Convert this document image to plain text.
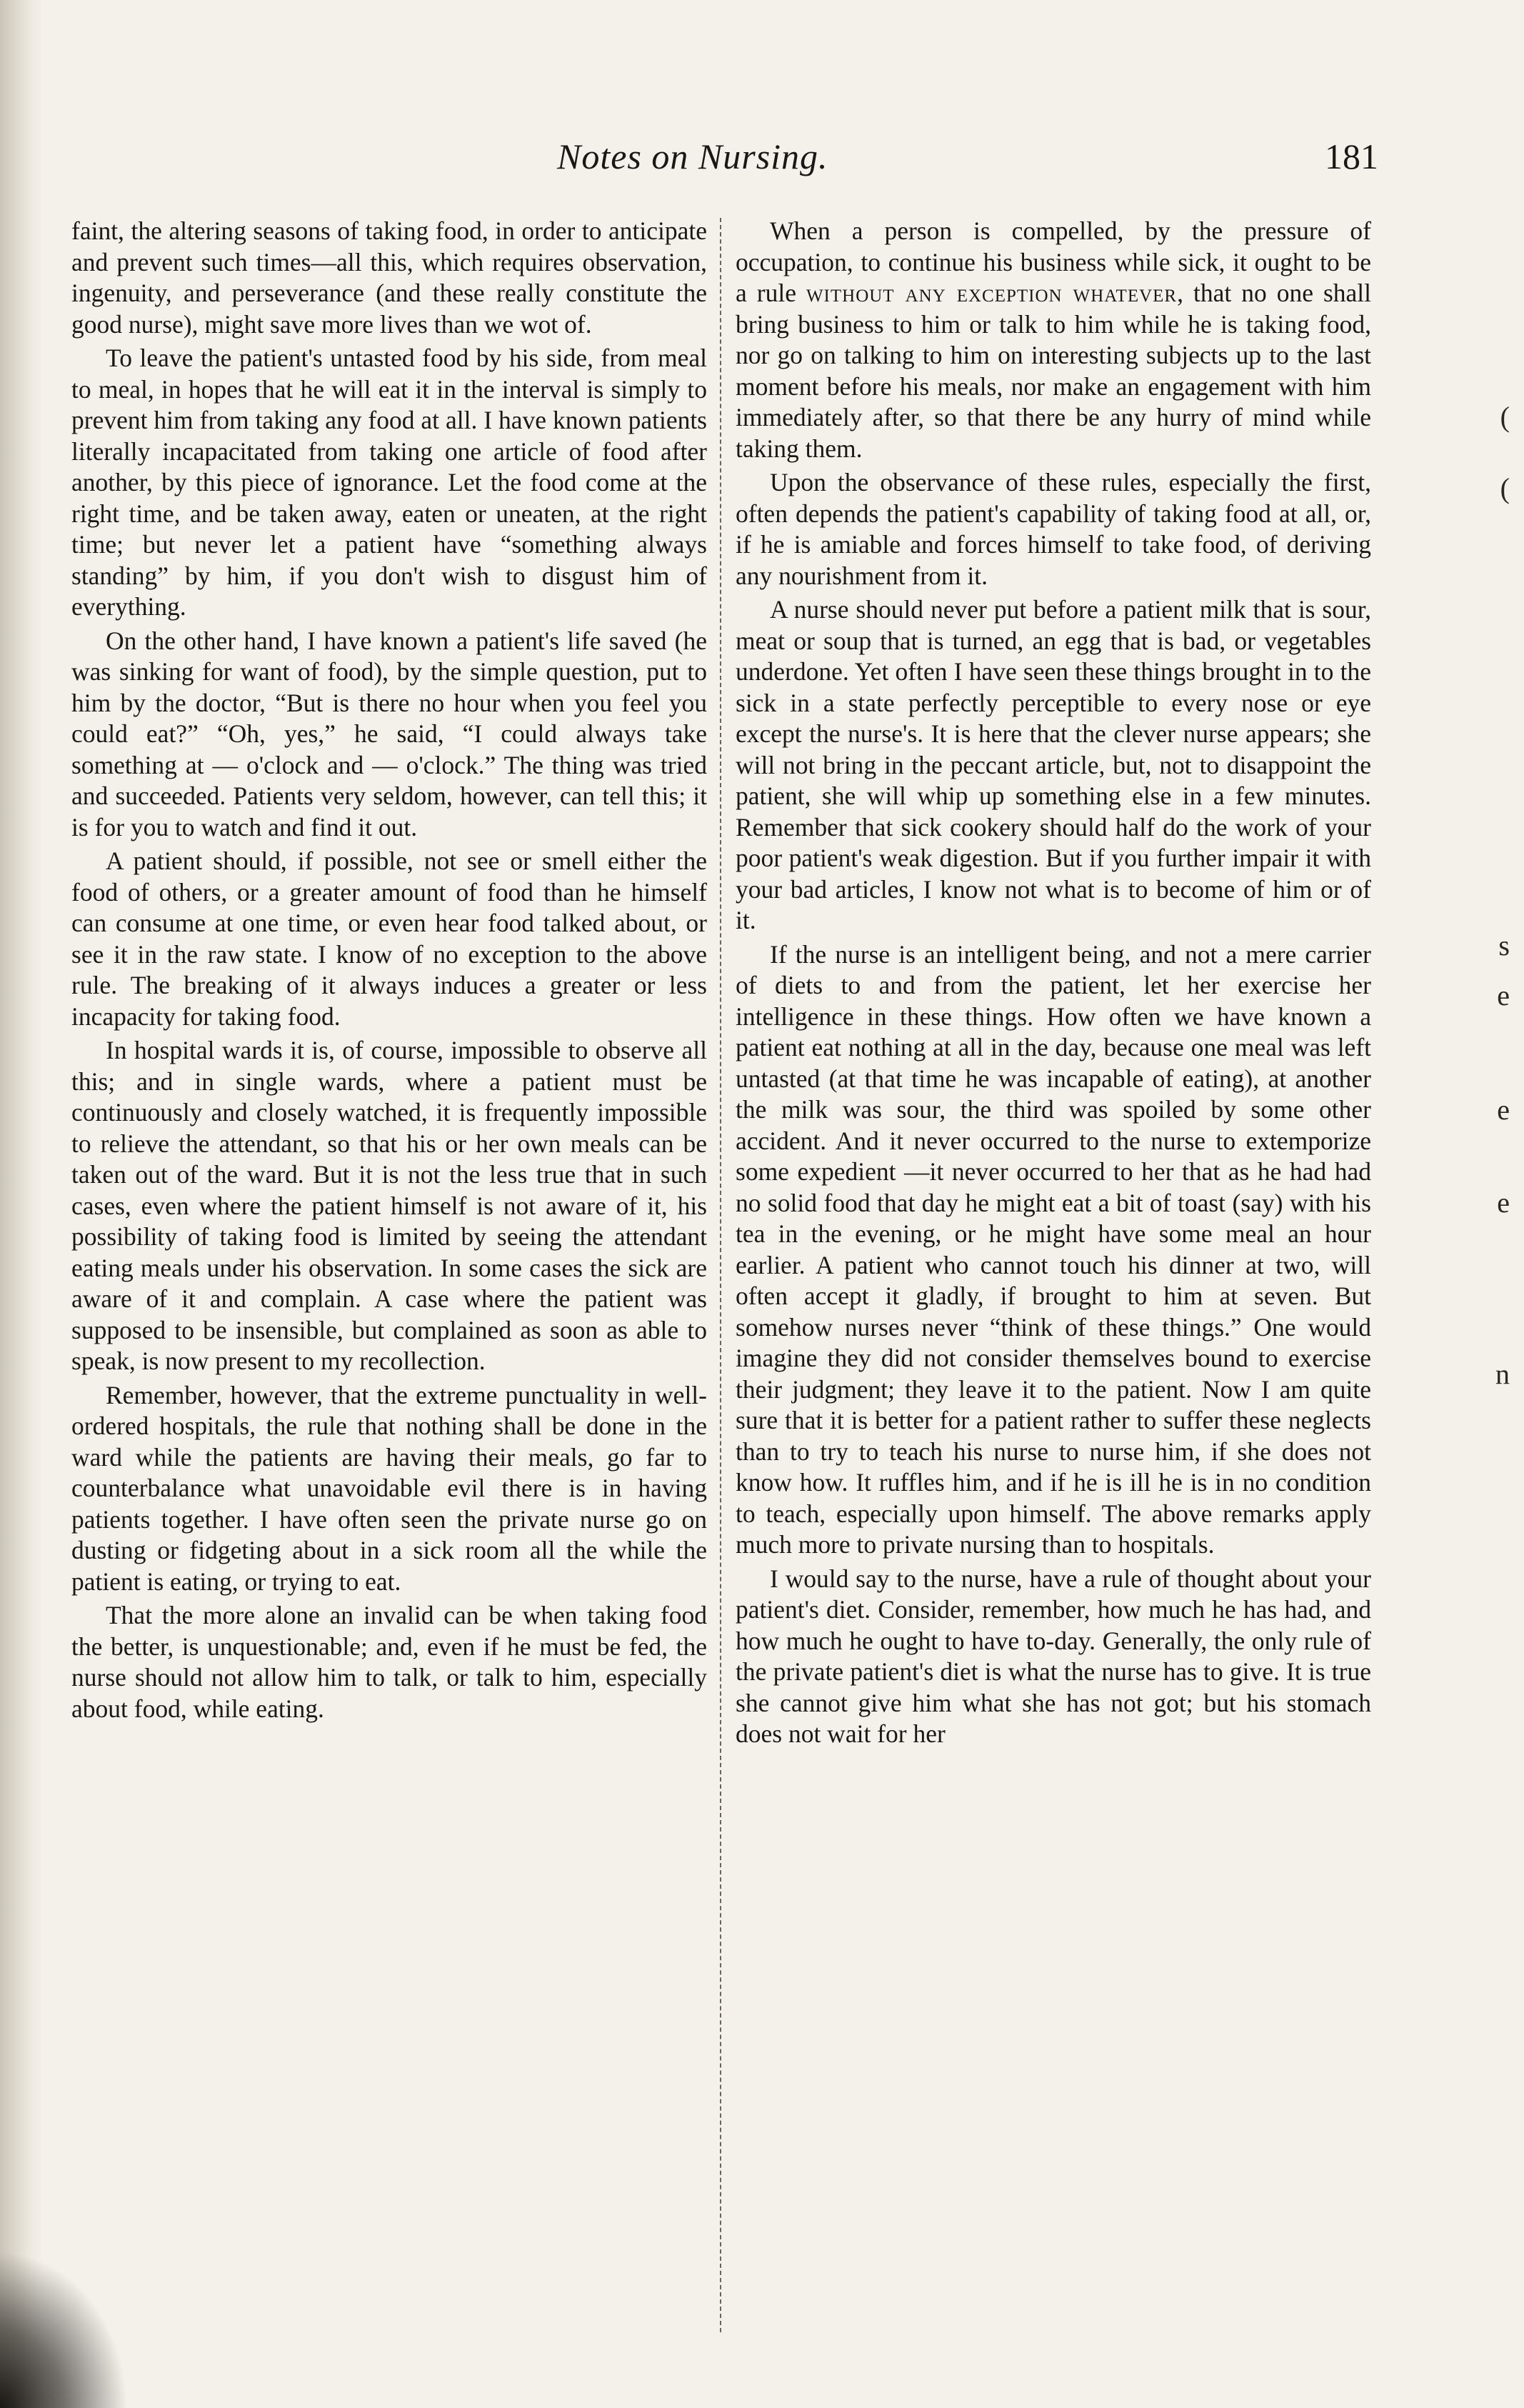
(
(
s
e
e
e
n
Notes on Nursing.	181

faint, the altering seasons of taking food, in order to anticipate and prevent such times—all this, which requires observation, ingenuity, and perseverance (and these really constitute the good nurse), might save more lives than we wot of.

To leave the patient's untasted food by his side, from meal to meal, in hopes that he will eat it in the interval is simply to prevent him from taking any food at all. I have known patients literally incapacitated from taking one article of food after another, by this piece of ignorance. Let the food come at the right time, and be taken away, eaten or uneaten, at the right time; but never let a patient have “something always standing” by him, if you don't wish to disgust him of everything.

On the other hand, I have known a patient's life saved (he was sinking for want of food), by the simple question, put to him by the doctor, “But is there no hour when you feel you could eat?” “Oh, yes,” he said, “I could always take something at — o'clock and — o'clock.” The thing was tried and succeeded. Patients very seldom, however, can tell this; it is for you to watch and find it out.

A patient should, if possible, not see or smell either the food of others, or a greater amount of food than he himself can consume at one time, or even hear food talked about, or see it in the raw state. I know of no exception to the above rule. The breaking of it always induces a greater or less incapacity for taking food.

In hospital wards it is, of course, impossible to observe all this; and in single wards, where a patient must be continuously and closely watched, it is frequently impossible to relieve the attendant, so that his or her own meals can be taken out of the ward. But it is not the less true that in such cases, even where the patient himself is not aware of it, his possibility of taking food is limited by seeing the attendant eating meals under his observation. In some cases the sick are aware of it and complain. A case where the patient was supposed to be insensible, but complained as soon as able to speak, is now present to my recollection.

Remember, however, that the extreme punctuality in well-ordered hospitals, the rule that nothing shall be done in the ward while the patients are having their meals, go far to counterbalance what unavoidable evil there is in having patients together. I have often seen the private nurse go on dusting or fidgeting about in a sick room all the while the patient is eating, or trying to eat.

That the more alone an invalid can be when taking food the better, is unquestionable; and, even if he must be fed, the nurse should not allow him to talk, or talk to him, especially about food, while eating.

When a person is compelled, by the pressure of occupation, to continue his business while sick, it ought to be a rule without any exception whatever, that no one shall bring business to him or talk to him while he is taking food, nor go on talking to him on interesting subjects up to the last moment before his meals, nor make an engagement with him immediately after, so that there be any hurry of mind while taking them.

Upon the observance of these rules, especially the first, often depends the patient's capability of taking food at all, or, if he is amiable and forces himself to take food, of deriving any nourishment from it.

A nurse should never put before a patient milk that is sour, meat or soup that is turned, an egg that is bad, or vegetables underdone. Yet often I have seen these things brought in to the sick in a state perfectly perceptible to every nose or eye except the nurse's. It is here that the clever nurse appears; she will not bring in the peccant article, but, not to disappoint the patient, she will whip up something else in a few minutes. Remember that sick cookery should half do the work of your poor patient's weak digestion. But if you further impair it with your bad articles, I know not what is to become of him or of it.

If the nurse is an intelligent being, and not a mere carrier of diets to and from the patient, let her exercise her intelligence in these things. How often we have known a patient eat nothing at all in the day, because one meal was left untasted (at that time he was incapable of eating), at another the milk was sour, the third was spoiled by some other accident. And it never occurred to the nurse to extemporize some expedient —it never occurred to her that as he had had no solid food that day he might eat a bit of toast (say) with his tea in the evening, or he might have some meal an hour earlier. A patient who cannot touch his dinner at two, will often accept it gladly, if brought to him at seven. But somehow nurses never “think of these things.” One would imagine they did not consider themselves bound to exercise their judgment; they leave it to the patient. Now I am quite sure that it is better for a patient rather to suffer these neglects than to try to teach his nurse to nurse him, if she does not know how. It ruffles him, and if he is ill he is in no condition to teach, especially upon himself. The above remarks apply much more to private nursing than to hospitals.

I would say to the nurse, have a rule of thought about your patient's diet. Consider, remember, how much he has had, and how much he ought to have to-day. Generally, the only rule of the private patient's diet is what the nurse has to give. It is true she cannot give him what she has not got; but his stomach does not wait for her
